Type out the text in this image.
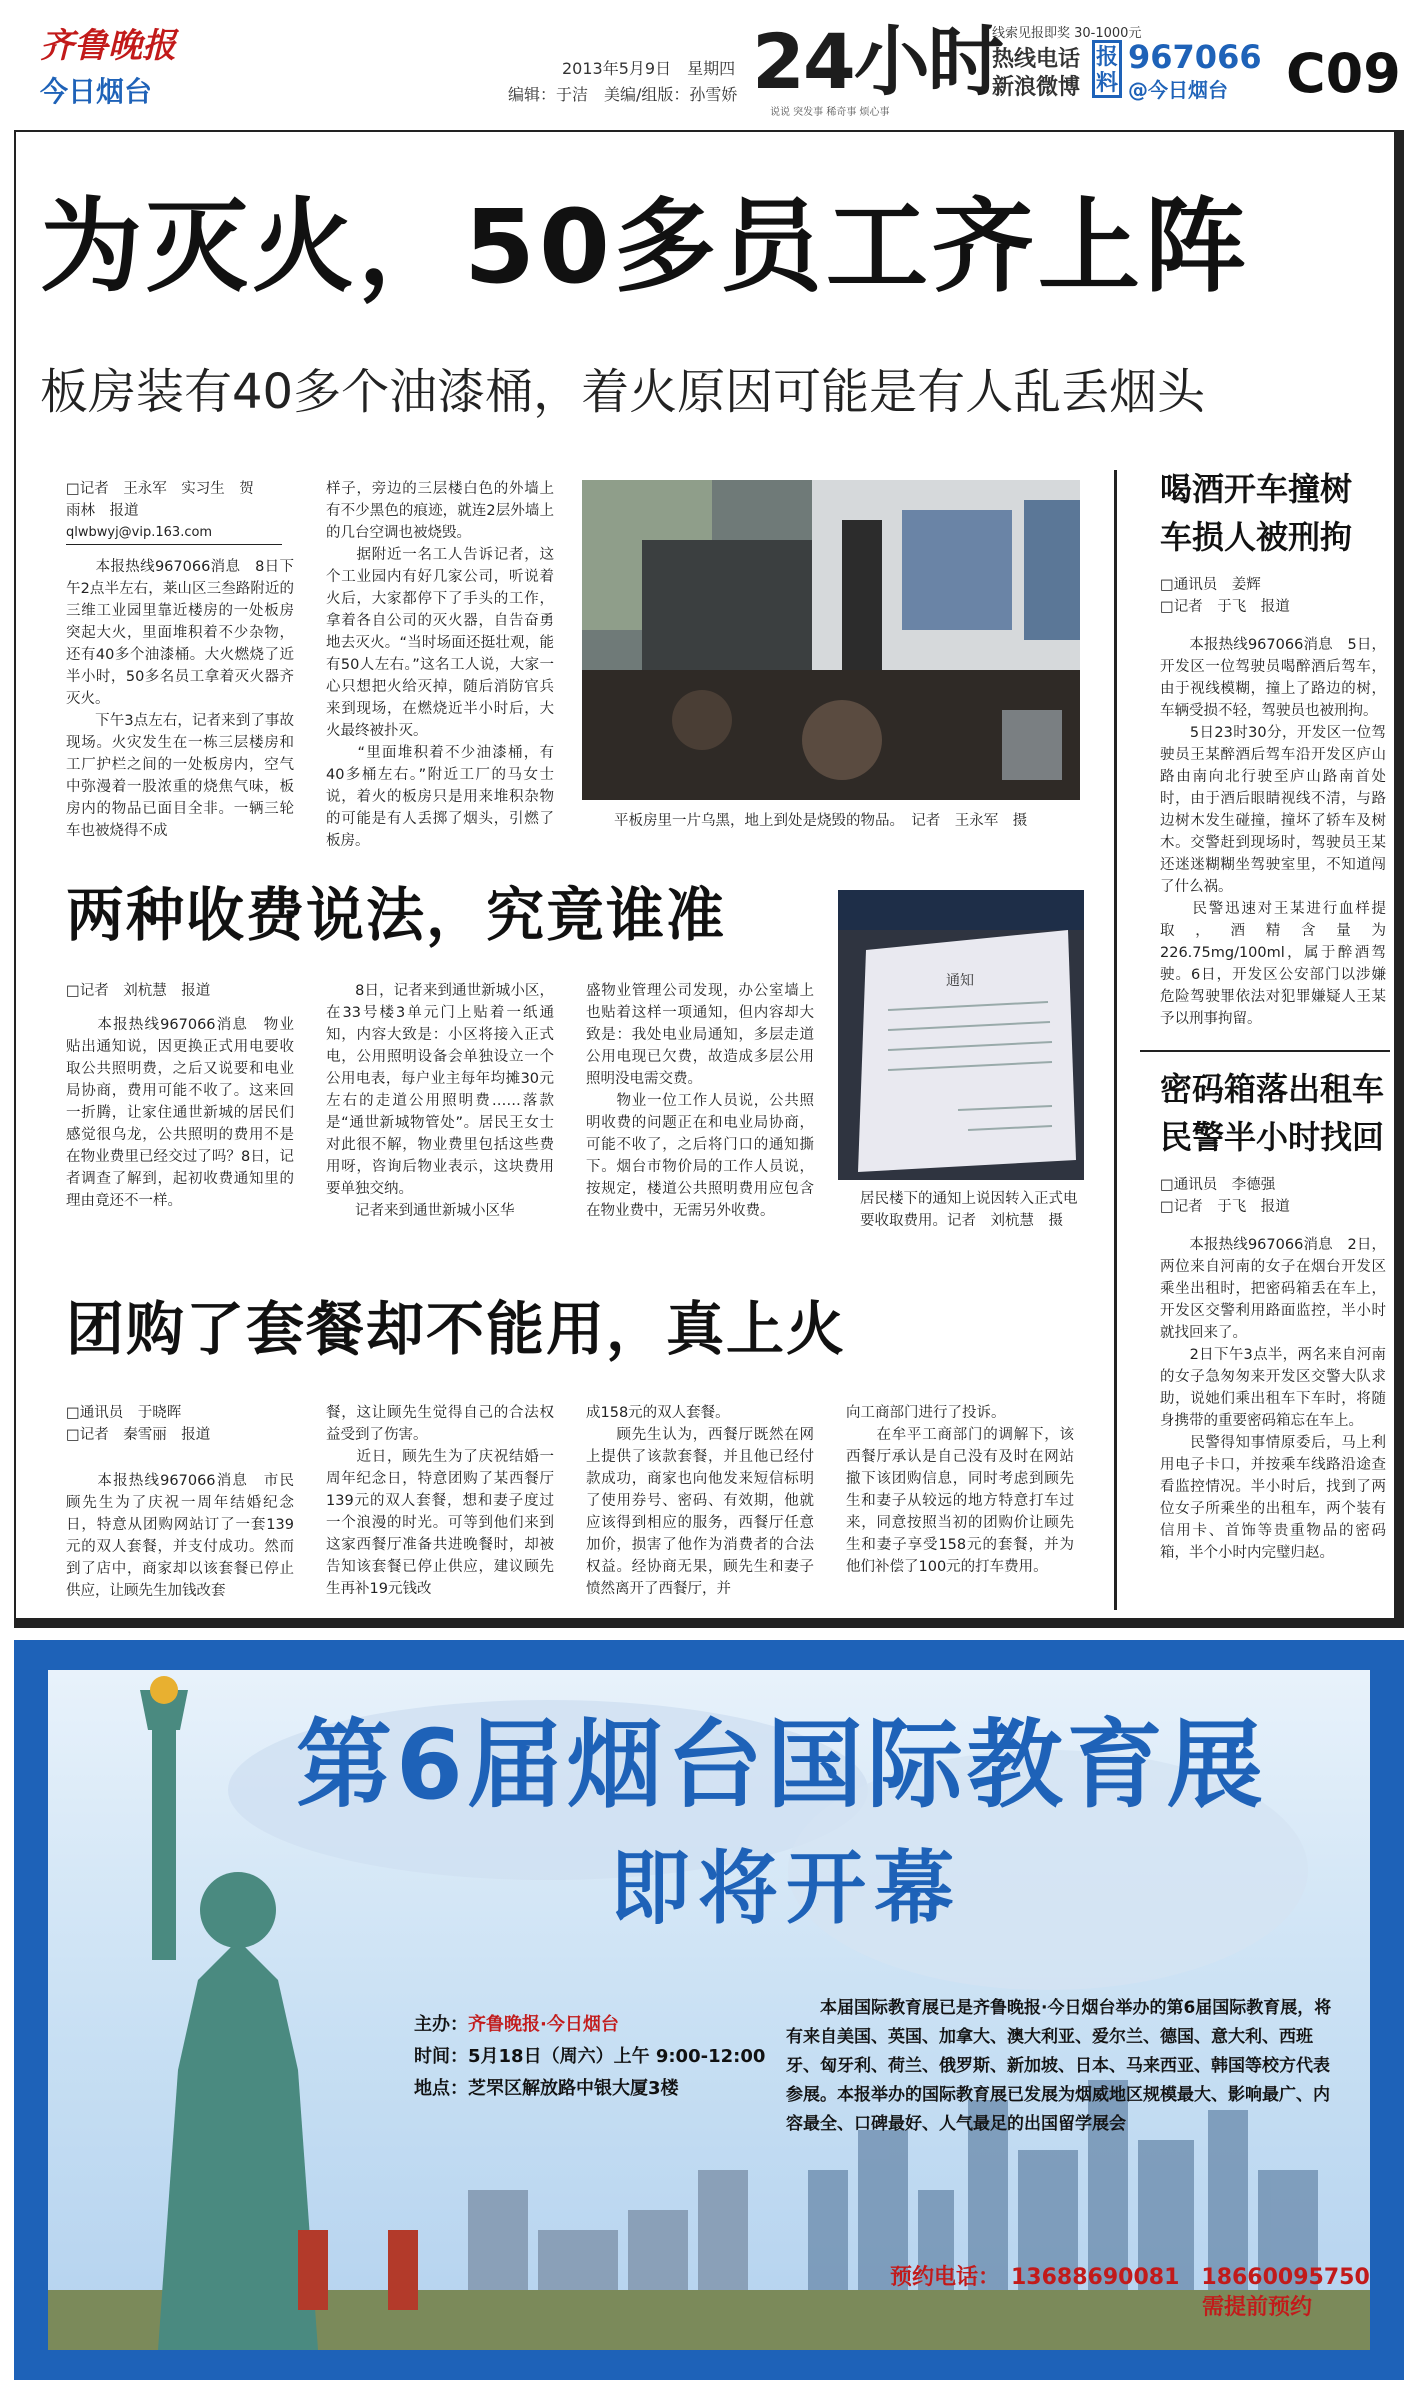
齐鲁晚报
今日烟台
2013年5月9日　星期四
编辑：于洁　美编/组版：孙雪娇 24小时
说说 突发事 稀奇事 烦心事
线索见报即奖 30-1000元
热线电话
新浪微博
报料
967066
@今日烟台 C09
为灭火，50多员工齐上阵
板房装有40多个油漆桶，着火原因可能是有人乱丢烟头
□记者　王永军　实习生　贺
雨林　报道
qlwbwyj@vip.163.com
　　本报热线967066消息　8日下午2点半左右，莱山区三叁路附近的三维工业园里靠近楼房的一处板房突起大火，里面堆积着不少杂物，还有40多个油漆桶。大火燃烧了近半小时，50多名员工拿着灭火器齐灭火。
　　下午3点左右，记者来到了事故现场。火灾发生在一栋三层楼房和工厂护栏之间的一处板房内，空气中弥漫着一股浓重的烧焦气味，板房内的物品已面目全非。一辆三轮车也被烧得不成
样子，旁边的三层楼白色的外墙上有不少黑色的痕迹，就连2层外墙上的几台空调也被烧毁。
　　据附近一名工人告诉记者，这个工业园内有好几家公司，听说着火后，大家都停下了手头的工作，拿着各自公司的灭火器，自告奋勇地去灭火。“当时场面还挺壮观，能有50人左右。”这名工人说，大家一心只想把火给灭掉，随后消防官兵来到现场，在燃烧近半小时后，大火最终被扑灭。
　　“里面堆积着不少油漆桶，有40多桶左右。”附近工厂的马女士说，着火的板房只是用来堆积杂物的可能是有人丢掷了烟头，引燃了板房。
平板房里一片乌黑，地上到处是烧毁的物品。　记者　王永军　摄
两种收费说法，究竟谁准
□记者　刘杭慧　报道
　　本报热线967066消息　物业贴出通知说，因更换正式用电要收取公共照明费，之后又说要和电业局协商，费用可能不收了。这来回一折腾，让家住通世新城的居民们感觉很乌龙，公共照明的费用不是在物业费里已经交过了吗？8日，记者调查了解到，起初收费通知里的理由竟还不一样。
　　8日，记者来到通世新城小区，在33号楼3单元门上贴着一纸通知，内容大致是：小区将接入正式电，公用照明设备会单独设立一个公用电表，每户业主每年均摊30元左右的走道公用照明费……落款是“通世新城物管处”。居民王女士对此很不解，物业费里包括这些费用呀，咨询后物业表示，这块费用要单独交纳。
　　记者来到通世新城小区华
盛物业管理公司发现，办公室墙上也贴着这样一项通知，但内容却大致是：我处电业局通知，多层走道公用电现已欠费，故造成多层公用照明没电需交费。
　　物业一位工作人员说，公共照明收费的问题正在和电业局协商，可能不收了，之后将门口的通知撕下。烟台市物价局的工作人员说，按规定，楼道公共照明费用应包含在物业费中，无需另外收费。
通知
居民楼下的通知上说因转入正式电要收取费用。记者　刘杭慧　摄
团购了套餐却不能用，真上火
□通讯员　于晓晖
□记者　秦雪丽　报道
　　本报热线967066消息　市民顾先生为了庆祝一周年结婚纪念日，特意从团购网站订了一套139元的双人套餐，并支付成功。然而到了店中，商家却以该套餐已停止供应，让顾先生加钱改套
餐，这让顾先生觉得自己的合法权益受到了伤害。
　　近日，顾先生为了庆祝结婚一周年纪念日，特意团购了某西餐厅139元的双人套餐，想和妻子度过一个浪漫的时光。可等到他们来到这家西餐厅准备共进晚餐时，却被告知该套餐已停止供应，建议顾先生再补19元钱改
成158元的双人套餐。
　　顾先生认为，西餐厅既然在网上提供了该款套餐，并且他已经付款成功，商家也向他发来短信标明了使用券号、密码、有效期，他就应该得到相应的服务，西餐厅任意加价，损害了他作为消费者的合法权益。经协商无果，顾先生和妻子愤然离开了西餐厅，并
向工商部门进行了投诉。
　　在牟平工商部门的调解下，该西餐厅承认是自己没有及时在网站撤下该团购信息，同时考虑到顾先生和妻子从较远的地方特意打车过来，同意按照当初的团购价让顾先生和妻子享受158元的套餐，并为他们补偿了100元的打车费用。
喝酒开车撞树
车损人被刑拘
□通讯员　姜辉
□记者　于飞　报道
　　本报热线967066消息　5日，开发区一位驾驶员喝醉酒后驾车，由于视线模糊，撞上了路边的树，车辆受损不轻，驾驶员也被刑拘。
　　5日23时30分，开发区一位驾驶员王某醉酒后驾车沿开发区庐山路由南向北行驶至庐山路南首处时，由于酒后眼睛视线不清，与路边树木发生碰撞，撞坏了轿车及树木。交警赶到现场时，驾驶员王某还迷迷糊糊坐驾驶室里，不知道闯了什么祸。
　　民警迅速对王某进行血样提取，酒精含量为226.75mg/100ml，属于醉酒驾驶。6日，开发区公安部门以涉嫌危险驾驶罪依法对犯罪嫌疑人王某予以刑事拘留。
密码箱落出租车
民警半小时找回
□通讯员　李德强
□记者　于飞　报道
　　本报热线967066消息　2日，两位来自河南的女子在烟台开发区乘坐出租时，把密码箱丢在车上，开发区交警利用路面监控，半小时就找回来了。
　　2日下午3点半，两名来自河南的女子急匆匆来开发区交警大队求助，说她们乘出租车下车时，将随身携带的重要密码箱忘在车上。
　　民警得知事情原委后，马上利用电子卡口，并按乘车线路沿途查看监控情况。半小时后，找到了两位女子所乘坐的出租车，两个装有信用卡、首饰等贵重物品的密码箱，半个小时内完璧归赵。
第6届烟台国际教育展
即将开幕
主办：齐鲁晚报·今日烟台
时间：5月18日（周六）上午 9:00-12:00
地点：芝罘区解放路中银大厦3楼
　　本届国际教育展已是齐鲁晚报·今日烟台举办的第6届国际教育展，将有来自美国、英国、加拿大、澳大利亚、爱尔兰、德国、意大利、西班牙、匈牙利、荷兰、俄罗斯、新加坡、日本、马来西亚、韩国等校方代表参展。本报举办的国际教育展已发展为烟威地区规模最大、影响最广、内容最全、口碑最好、人气最足的出国留学展会
预约电话：　13688690081　18660095750
需提前预约
